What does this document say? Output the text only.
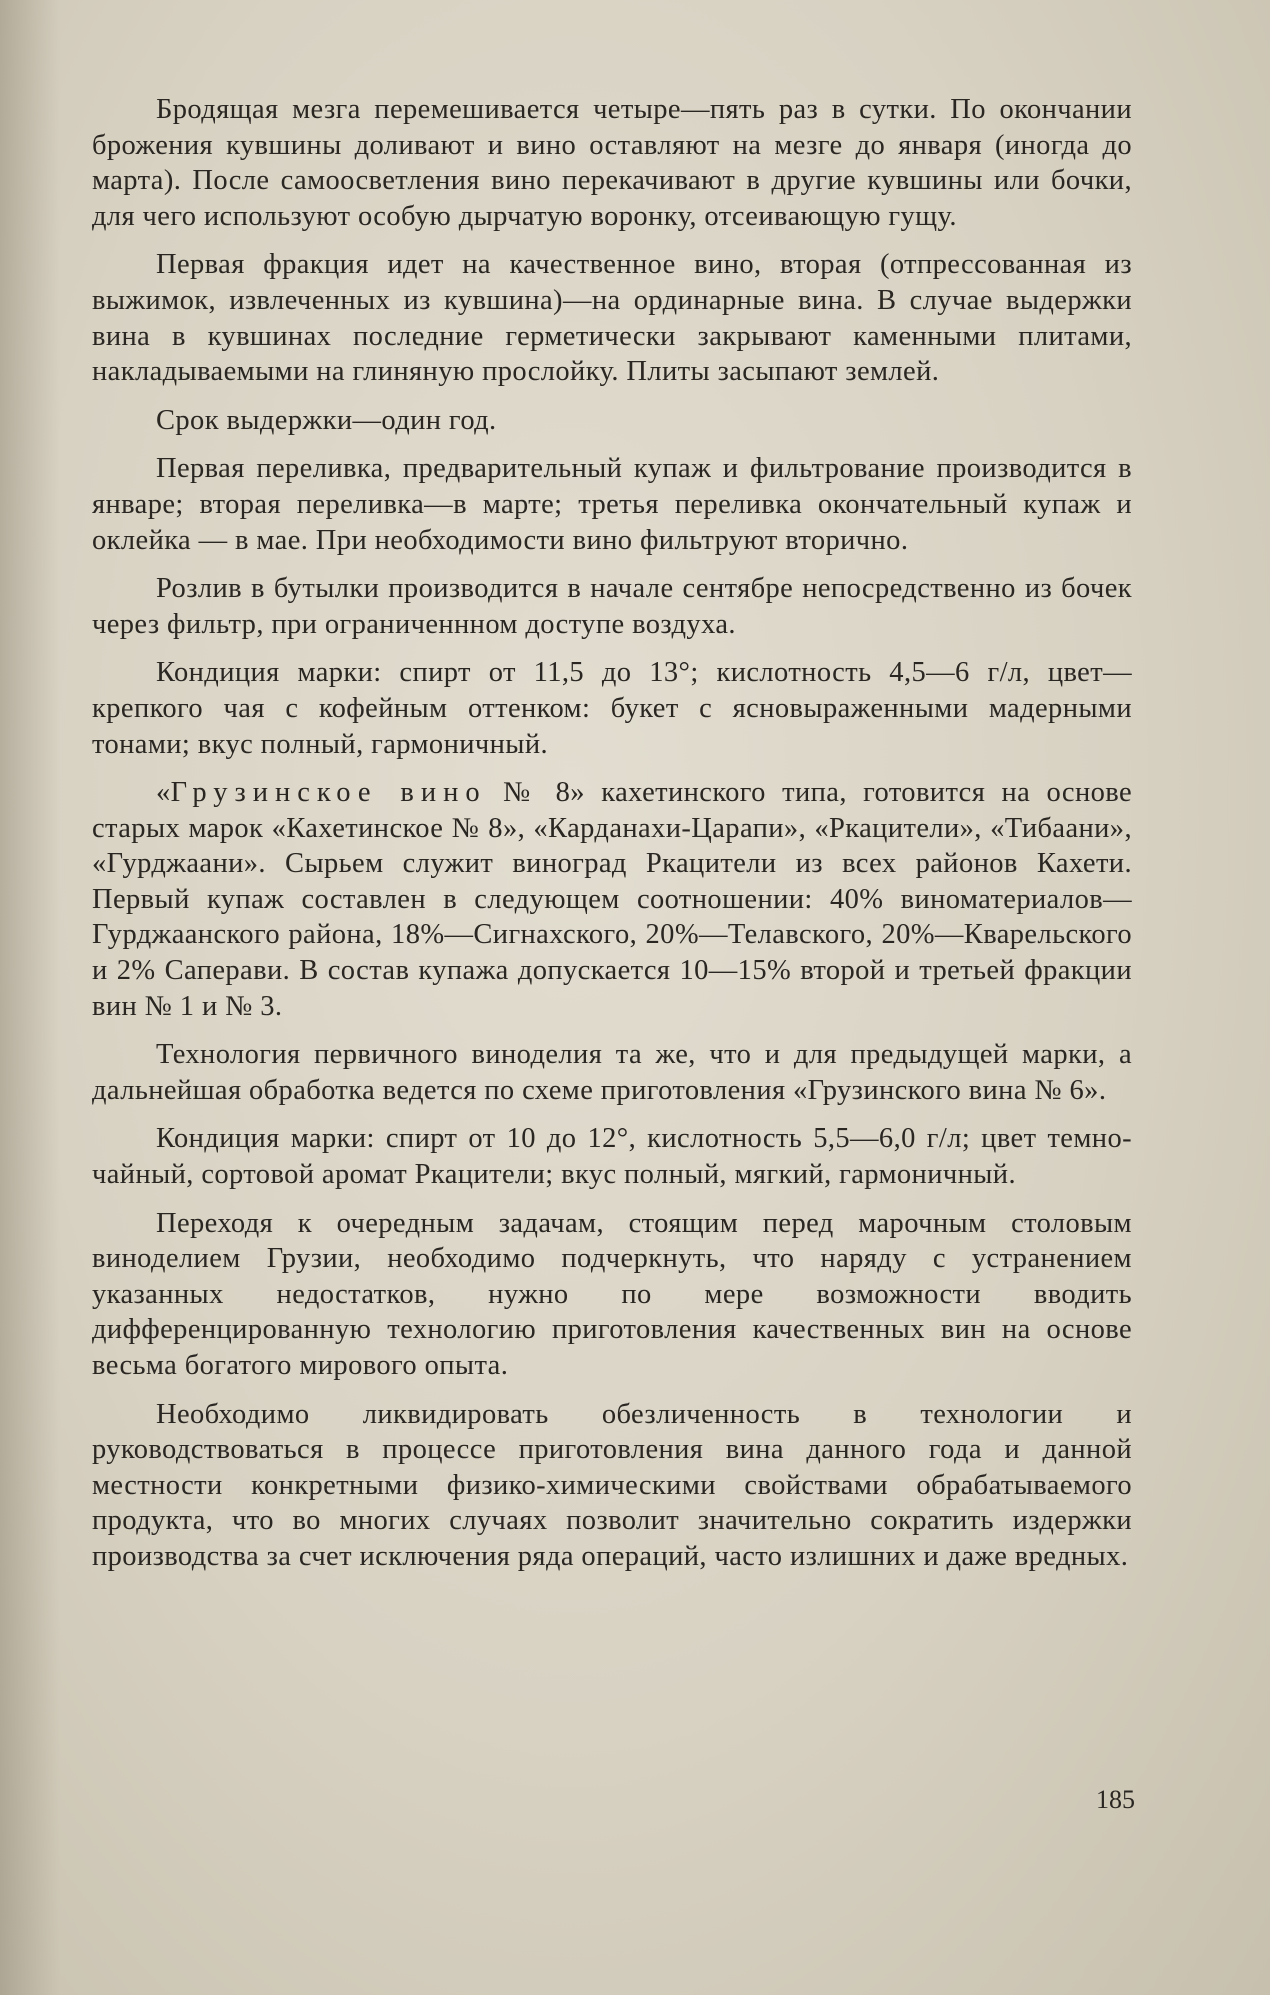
Бродящая мезга перемешивается четыре—пять раз в сутки. По окончании брожения кувшины доливают и вино оставляют на мезге до января (иногда до марта). После самоосветления вино перекачивают в другие кувшины или бочки, для чего используют особую дырчатую воронку, отсеивающую гущу.

Первая фракция идет на качественное вино, вторая (отпрессованная из выжимок, извлеченных из кувшина)—на ординарные вина. В случае выдержки вина в кувшинах последние герметически закрывают каменными плитами, накладываемыми на глиняную прослойку. Плиты засыпают землей.

Срок выдержки—один год.

Первая переливка, предварительный купаж и фильтрование производится в январе; вторая переливка—в марте; третья переливка окончательный купаж и оклейка — в мае. При необходимости вино фильтруют вторично.

Розлив в бутылки производится в начале сентябре непосредственно из бочек через фильтр, при ограниченнном доступе воздуха.

Кондиция марки: спирт от 11,5 до 13°; кислотность 4,5—6 г/л, цвет—крепкого чая с кофейным оттенком: букет с ясновыраженными мадерными тонами; вкус полный, гармоничный.

«Грузинское вино № 8» кахетинского типа, готовится на основе старых марок «Кахетинское № 8», «Карданахи-Царапи», «Ркацители», «Тибаани», «Гурджаани». Сырьем служит виноград Ркацители из всех районов Кахети. Первый купаж составлен в следующем соотношении: 40% виноматериалов—Гурджаанского района, 18%—Сигнахского, 20%—Телавского, 20%—Кварельского и 2% Саперави. В состав купажа допускается 10—15% второй и третьей фракции вин № 1 и № 3.

Технология первичного виноделия та же, что и для предыдущей марки, а дальнейшая обработка ведется по схеме приготовления «Грузинского вина № 6».

Кондиция марки: спирт от 10 до 12°, кислотность 5,5—6,0 г/л; цвет темно-чайный, сортовой аромат Ркацители; вкус полный, мягкий, гармоничный.

Переходя к очередным задачам, стоящим перед марочным столовым виноделием Грузии, необходимо подчеркнуть, что наряду с устранением указанных недостатков, нужно по мере возможности вводить дифференцированную технологию приготовления качественных вин на основе весьма богатого мирового опыта.

Необходимо ликвидировать обезличенность в технологии и руководствоваться в процессе приготовления вина данного года и данной местности конкретными физико-химическими свойствами обрабатываемого продукта, что во многих случаях позволит значительно сократить издержки производства за счет исключения ряда операций, часто излишних и даже вредных.

185
